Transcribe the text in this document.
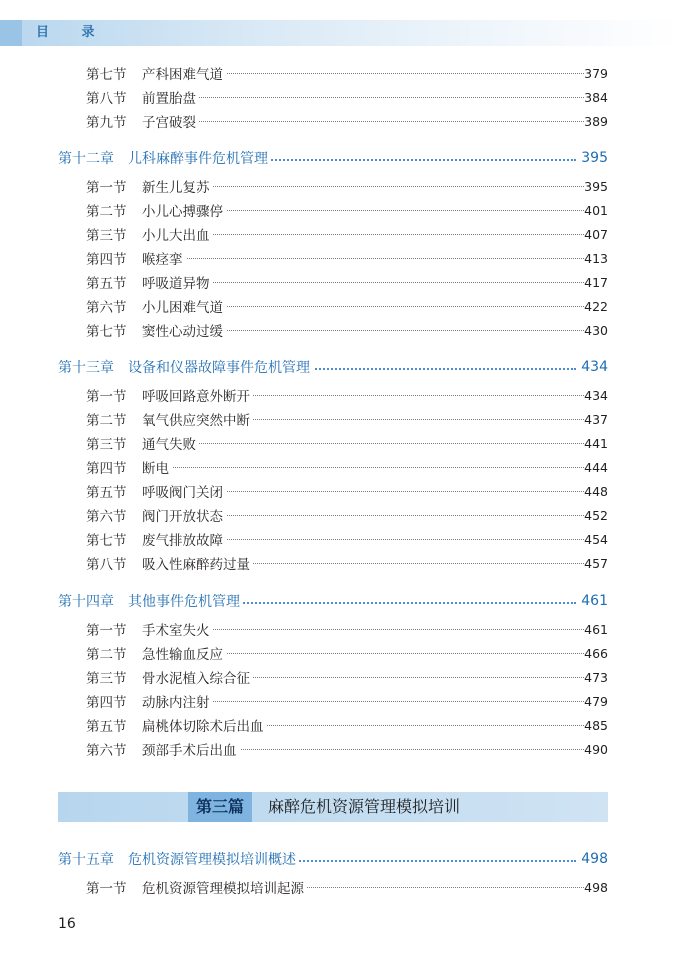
目 录
第七节 产科困难气道	379
第八节 前置胎盘	384
第九节 子宫破裂	389
第十二章 儿科麻醉事件危机管理	395
第一节 新生儿复苏	395
第二节 小儿心搏骤停	401
第三节 小儿大出血	407
第四节 喉痉挛	413
第五节 呼吸道异物	417
第六节 小儿困难气道	422
第七节 窦性心动过缓	430
第十三章 设备和仪器故障事件危机管理	434
第一节 呼吸回路意外断开	434
第二节 氧气供应突然中断	437
第三节 通气失败	441
第四节 断电	444
第五节 呼吸阀门关闭	448
第六节 阀门开放状态	452
第七节 废气排放故障	454
第八节 吸入性麻醉药过量	457
第十四章 其他事件危机管理	461
第一节 手术室失火	461
第二节 急性输血反应	466
第三节 骨水泥植入综合征	473
第四节 动脉内注射	479
第五节 扁桃体切除术后出血	485
第六节 颈部手术后出血	490
第三篇	麻醉危机资源管理模拟培训
第十五章 危机资源管理模拟培训概述	498
第一节 危机资源管理模拟培训起源	498
16
